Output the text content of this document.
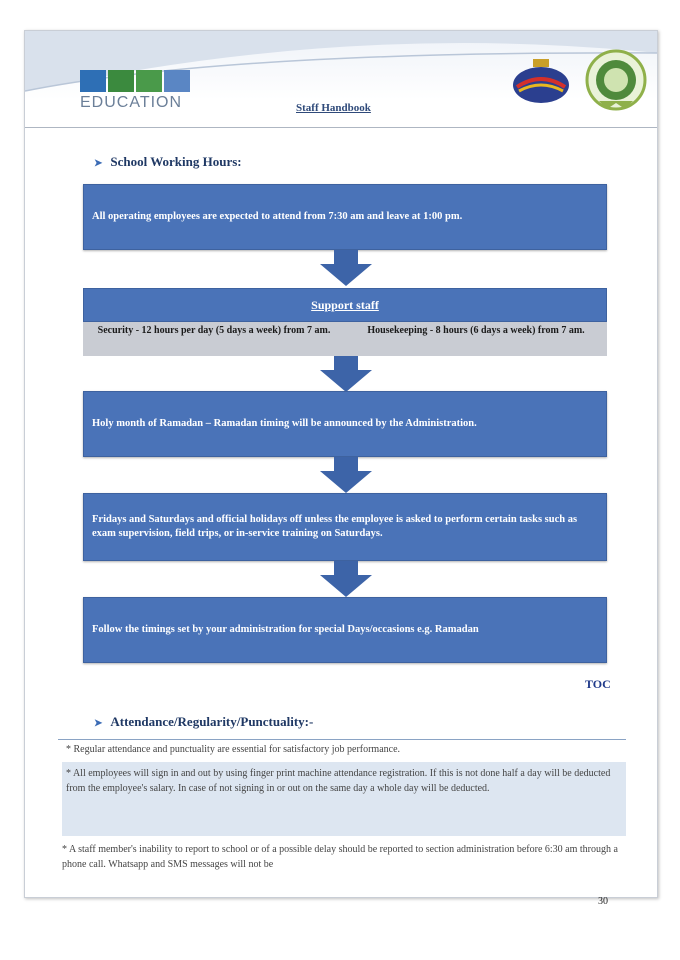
EDUCATION	Staff Handbook
➤ School Working Hours:
All operating employees are expected to attend from 7:30 am and leave at 1:00 pm.
Support staff
Security - 12 hours per day (5 days a week) from 7 am.	Housekeeping - 8 hours (6 days a week) from 7 am.
Holy month of Ramadan – Ramadan timing will be announced by the Administration.
Fridays and Saturdays and official holidays off unless the employee is asked to perform certain tasks such as exam supervision, field trips, or in-service training on Saturdays.
Follow the timings set by your administration for special Days/occasions e.g. Ramadan
TOC
➤ Attendance/Regularity/Punctuality:-
* Regular attendance and punctuality are essential for satisfactory job performance.
* All employees will sign in and out by using finger print machine attendance registration. If this is not done half a day will be deducted from the employee's salary. In case of not signing in or out on the same day a whole day will be deducted.
* A staff member's inability to report to school or of a possible delay should be reported to section administration before 6:30 am through a phone call. Whatsapp and SMS messages will not be
30
